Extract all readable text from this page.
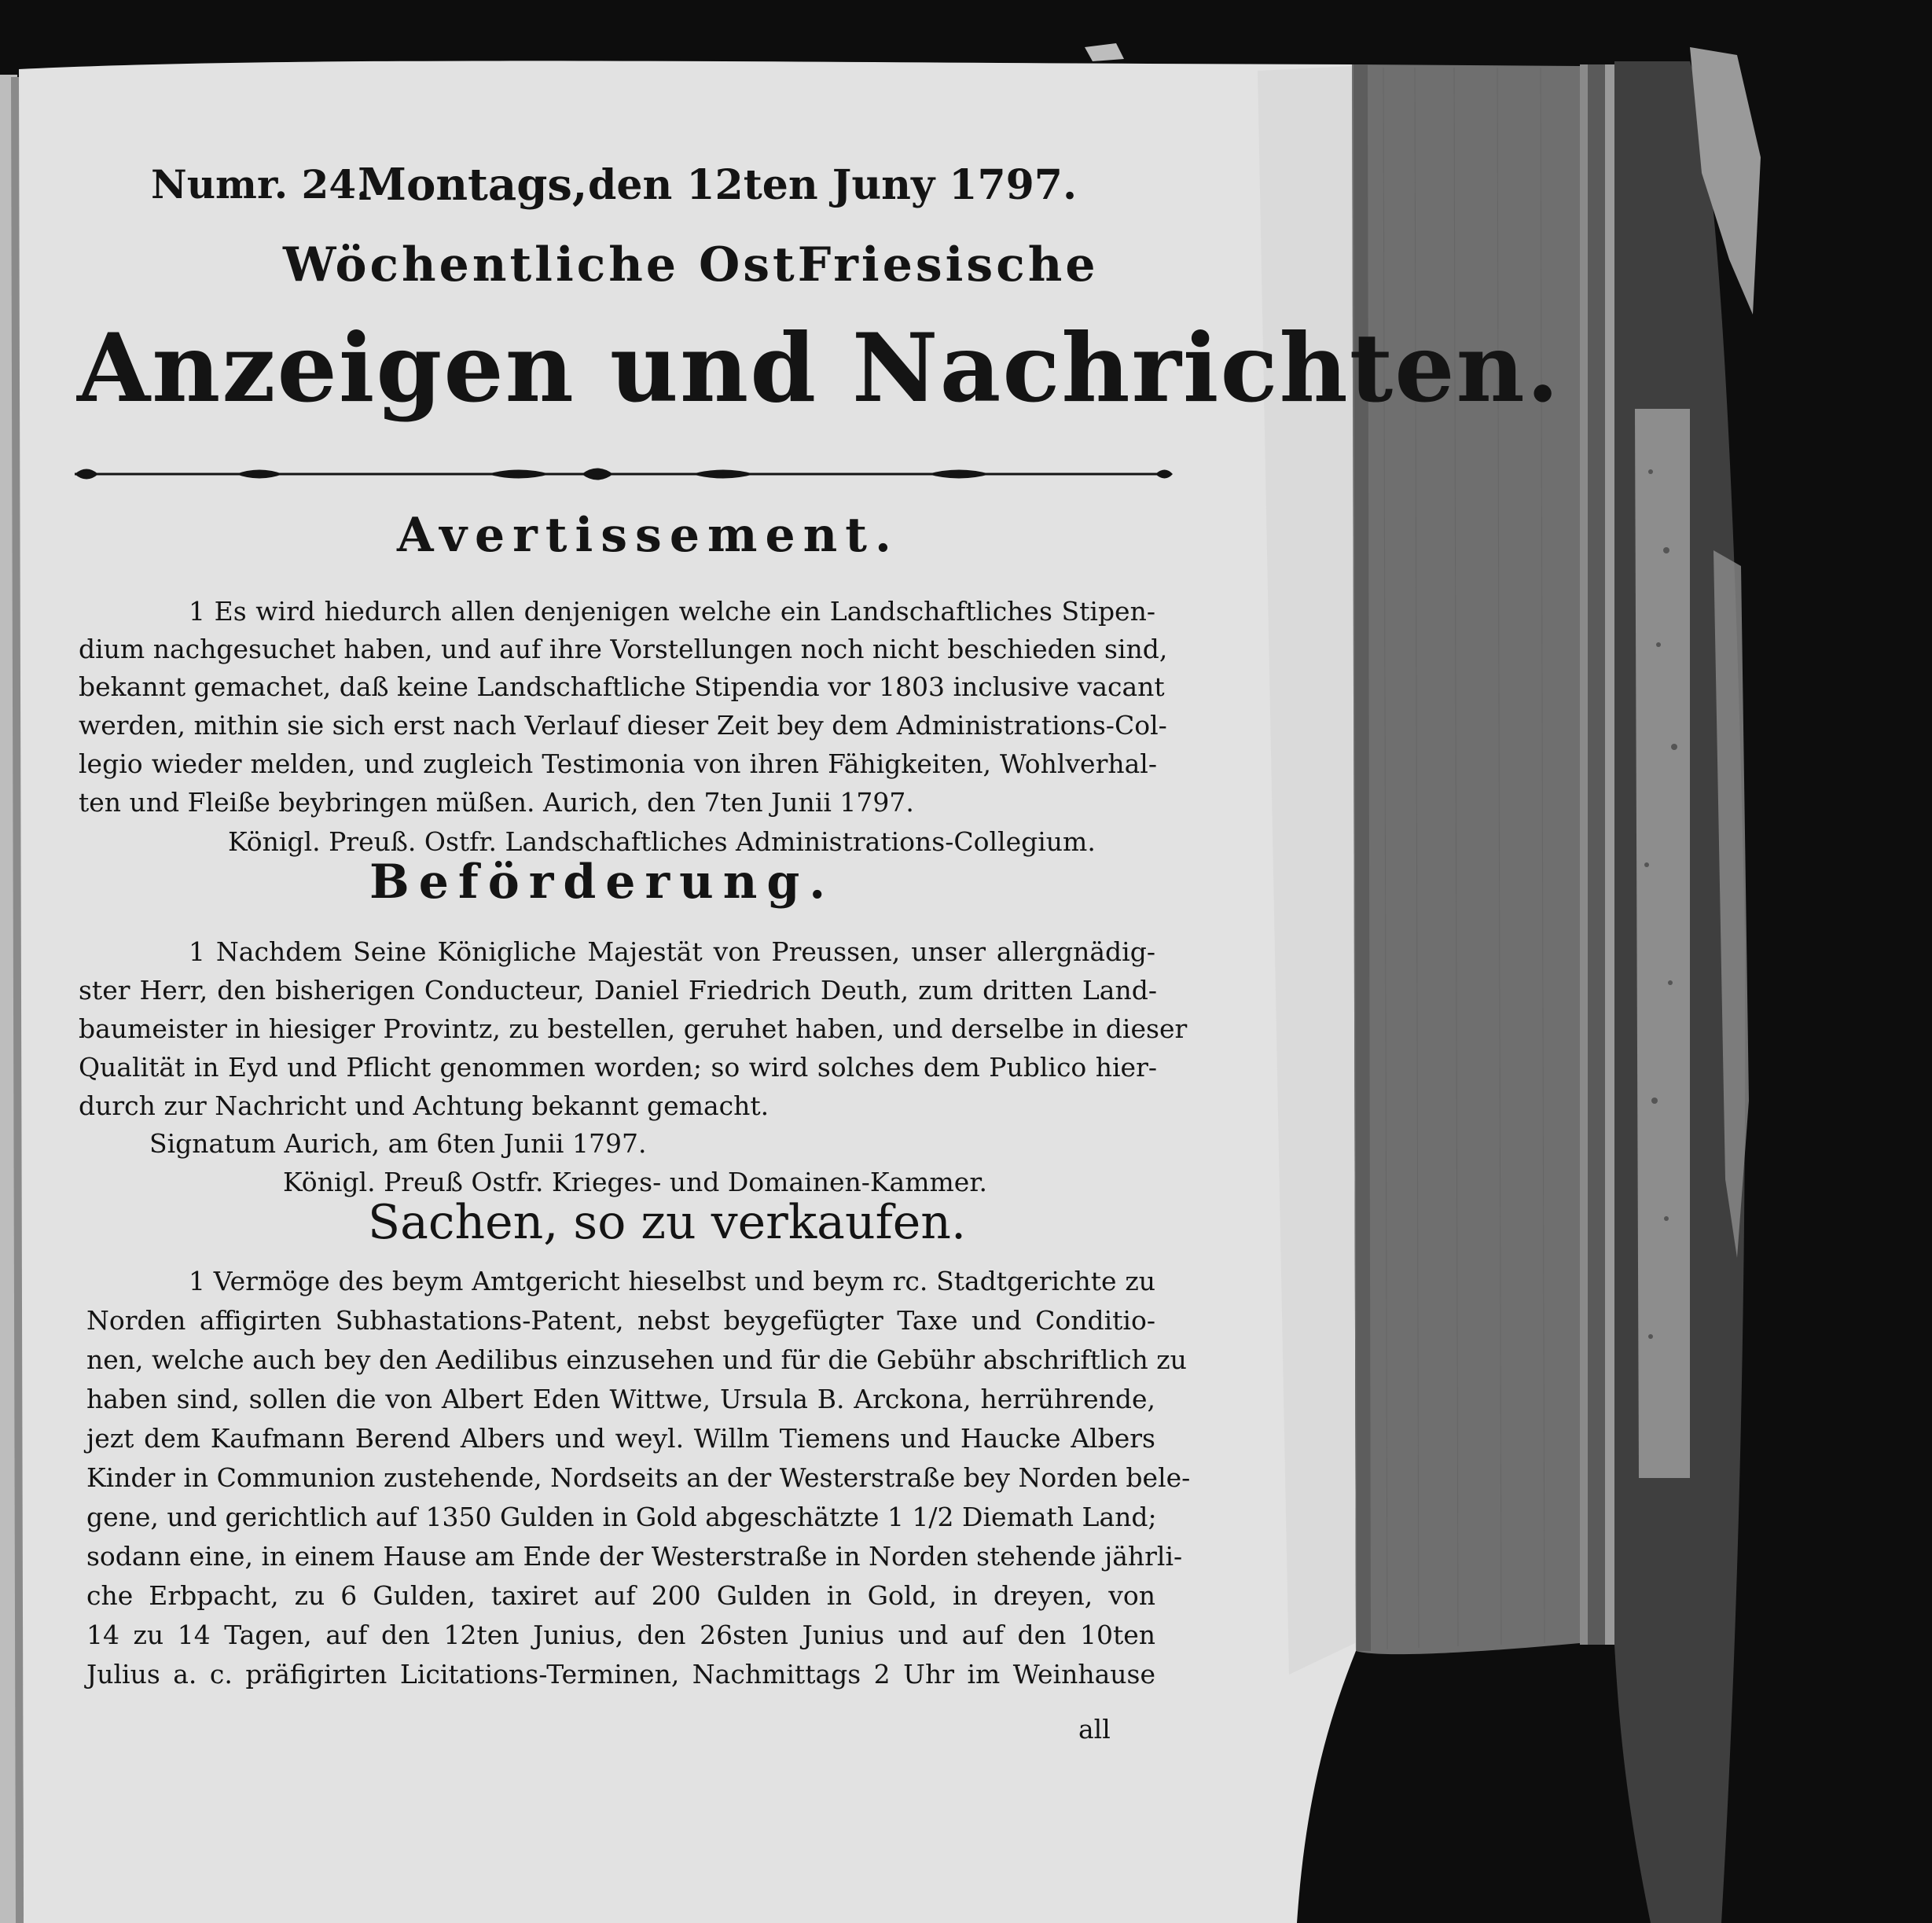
Numr. 24.
Montags, den 12ten Juny 1797.
Wöchentliche OstFriesische
Anzeigen und Nachrichten.
Avertissement.
1 Es wird hiedurch allen denjenigen welche ein Landschaftliches Stipen-
dium nachgesuchet haben, und auf ihre Vorstellungen noch nicht beschieden sind,
bekannt gemachet, daß keine Landschaftliche Stipendia vor 1803 inclusive vacant
werden, mithin sie sich erst nach Verlauf dieser Zeit bey dem Administrations-Col-
legio wieder melden, und zugleich Testimonia von ihren Fähigkeiten, Wohlverhal-
ten und Fleiße beybringen müßen. Aurich, den 7ten Junii 1797.
Königl. Preuß. Ostfr. Landschaftliches Administrations-Collegium.
Beförderung.
1 Nachdem Seine Königliche Majestät von Preussen, unser allergnädig-
ster Herr, den bisherigen Conducteur, Daniel Friedrich Deuth, zum dritten Land-
baumeister in hiesiger Provintz, zu bestellen, geruhet haben, und derselbe in dieser
Qualität in Eyd und Pflicht genommen worden; so wird solches dem Publico hier-
durch zur Nachricht und Achtung bekannt gemacht.
Signatum Aurich, am 6ten Junii 1797.
Königl. Preuß Ostfr. Krieges- und Domainen-Kammer.
Sachen, so zu verkaufen.
1 Vermöge des beym Amtgericht hieselbst und beym rc. Stadtgerichte zu
Norden affigirten Subhastations-Patent, nebst beygefügter Taxe und Conditio-
nen, welche auch bey den Aedilibus einzusehen und für die Gebühr abschriftlich zu
haben sind, sollen die von Albert Eden Wittwe, Ursula B. Arckona, herrührende,
jezt dem Kaufmann Berend Albers und weyl. Willm Tiemens und Haucke Albers
Kinder in Communion zustehende, Nordseits an der Westerstraße bey Norden bele-
gene, und gerichtlich auf 1350 Gulden in Gold abgeschätzte 1 1/2 Diemath Land;
sodann eine, in einem Hause am Ende der Westerstraße in Norden stehende jährli-
che Erbpacht, zu 6 Gulden, taxiret auf 200 Gulden in Gold, in dreyen, von
14 zu 14 Tagen, auf den 12ten Junius, den 26sten Junius und auf den 10ten
Julius a. c. präfigirten Licitations-Terminen, Nachmittags 2 Uhr im Weinhause
all
